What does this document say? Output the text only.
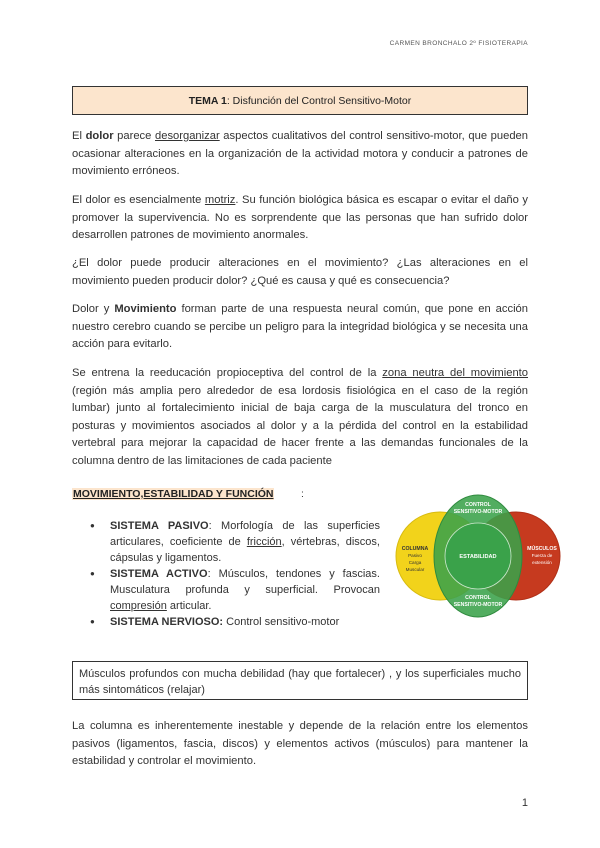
CARMEN BRONCHALO 2º FISIOTERAPIA
TEMA 1: Disfunción del Control Sensitivo-Motor

El dolor parece desorganizar aspectos cualitativos del control sensitivo-motor, que pueden ocasionar alteraciones en la organización de la actividad motora y conducir a patrones de movimiento erróneos.

El dolor es esencialmente motriz. Su función biológica básica es escapar o evitar el daño y promover la supervivencia. No es sorprendente que las personas que han sufrido dolor desarrollen patrones de movimiento anormales.

¿El dolor puede producir alteraciones en el movimiento? ¿Las alteraciones en el movimiento pueden producir dolor? ¿Qué es causa y qué es consecuencia?

Dolor y Movimiento forman parte de una respuesta neural común, que pone en acción nuestro cerebro cuando se percibe un peligro para la integridad biológica y se necesita una acción para evitarlo.

Se entrena la reeducación propioceptiva del control de la zona neutra del movimiento (región más amplia pero alrededor de esa lordosis fisiológica en el caso de la región lumbar) junto al fortalecimiento inicial de baja carga de la musculatura del tronco en posturas y movimientos asociados al dolor y a la pérdida del control en la estabilidad vertebral para mejorar la capacidad de hacer frente a las demandas funcionales de la columna dentro de las limitaciones de cada paciente

MOVIMIENTO,ESTABILIDAD Y FUNCIÓN	:
● SISTEMA PASIVO: Morfología de las superficies articulares, coeficiente de fricción, vértebras, discos, cápsulas y ligamentos.
● SISTEMA ACTIVO: Músculos, tendones y fascias. Musculatura profunda y superficial. Provocan compresión articular.
● SISTEMA NERVIOSO: Control sensitivo-motor
CONTROL
SENSITIVO-MOTOR
CONTROL
SENSITIVO-MOTOR
COLUMNA
Pasivo
Carga
Muscular
MÚSCULOS
Fuerza de
extensión
ESTABILIDAD
Músculos profundos con mucha debilidad (hay que fortalecer) , y los superficiales mucho más sintomáticos (relajar)

La columna es inherentemente inestable y depende de la relación entre los elementos pasivos (ligamentos, fascia, discos) y elementos activos (músculos) para mantener la estabilidad y controlar el movimiento.

1
